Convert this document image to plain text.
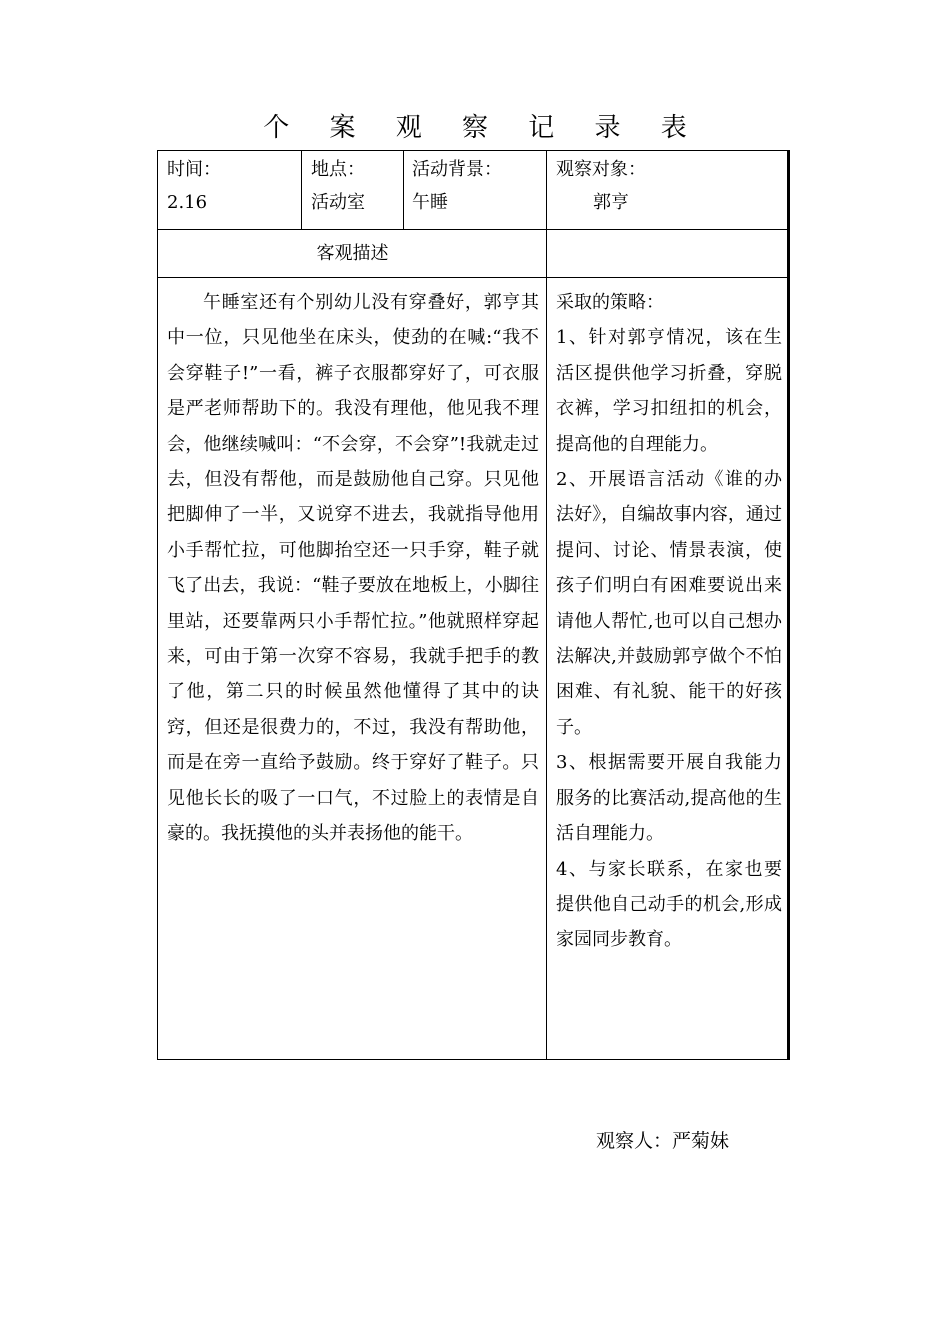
个 案 观 察 记 录 表
时间：
2.16
地点：
活动室
活动背景：
午睡
观察对象：
郭亨
客观描述
午睡室还有个别幼儿没有穿叠好，郭亨其中一位，只见他坐在床头，使劲的在喊:“我不会穿鞋子!”一看，裤子衣服都穿好了，可衣服是严老师帮助下的。我没有理他，他见我不理会，他继续喊叫：“不会穿，不会穿”!我就走过去，但没有帮他，而是鼓励他自己穿。只见他把脚伸了一半，又说穿不进去，我就指导他用小手帮忙拉，可他脚抬空还一只手穿，鞋子就飞了出去，我说：“鞋子要放在地板上，小脚往里站，还要靠两只小手帮忙拉。”他就照样穿起来，可由于第一次穿不容易，我就手把手的教了他，第二只的时候虽然他懂得了其中的诀窍，但还是很费力的，不过，我没有帮助他，而是在旁一直给予鼓励。终于穿好了鞋子。只见他长长的吸了一口气，不过脸上的表情是自豪的。我抚摸他的头并表扬他的能干。

采取的策略：

1、针对郭亨情况，该在生活区提供他学习折叠，穿脱衣裤，学习扣纽扣的机会，提高他的自理能力。

2、开展语言活动《谁的办法好》，自编故事内容，通过提问、讨论、情景表演，使孩子们明白有困难要说出来请他人帮忙,也可以自己想办法解决,并鼓励郭亨做个不怕困难、有礼貌、能干的好孩子。

3、根据需要开展自我能力服务的比赛活动,提高他的生活自理能力。

4、与家长联系，在家也要提供他自己动手的机会,形成家园同步教育。

观察人：严菊妹
